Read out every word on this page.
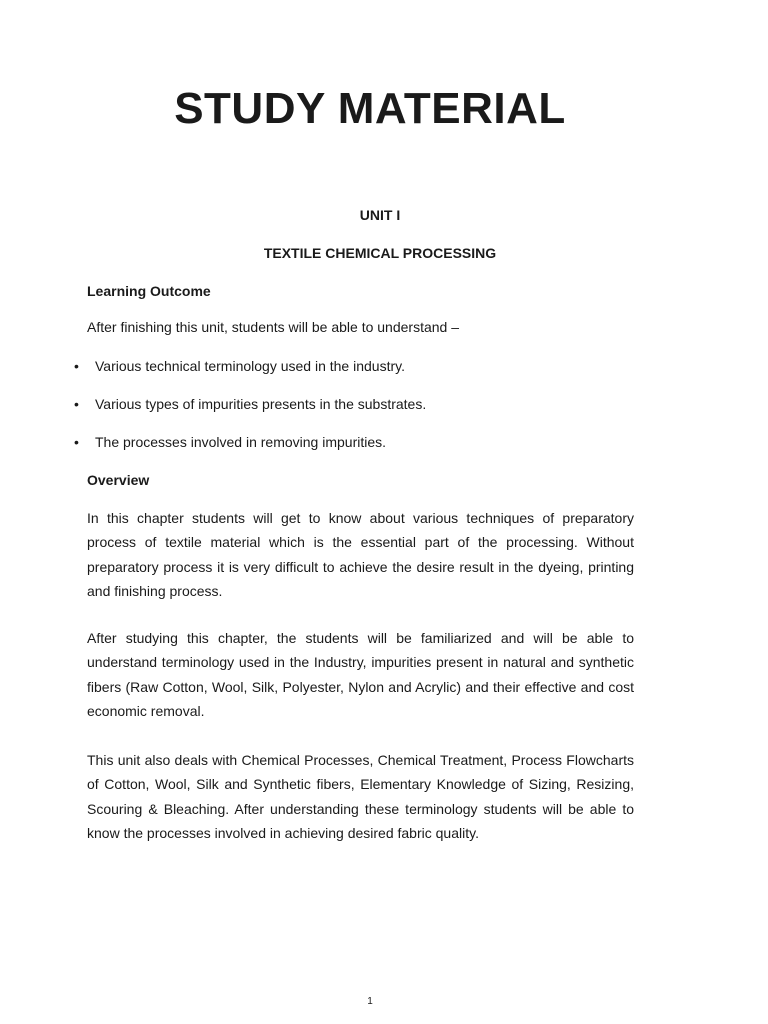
STUDY MATERIAL

UNIT I

TEXTILE CHEMICAL PROCESSING

Learning Outcome

After finishing this unit, students will be able to understand –

• Various technical terminology used in the industry.
• Various types of impurities presents in the substrates.
• The processes involved in removing impurities.

Overview

In this chapter students will get to know about various techniques of preparatory process of textile material which is the essential part of the processing. Without preparatory process it is very difficult to achieve the desire result in the dyeing, printing and finishing process.

After studying this chapter, the students will be familiarized and will be able to understand terminology used in the Industry, impurities present in natural and synthetic fibers (Raw Cotton, Wool, Silk, Polyester, Nylon and Acrylic) and their effective and cost economic removal.

This unit also deals with Chemical Processes, Chemical Treatment, Process Flowcharts of Cotton, Wool, Silk and Synthetic fibers, Elementary Knowledge of Sizing, Resizing, Scouring & Bleaching. After understanding these terminology students will be able to know the processes involved in achieving desired fabric quality.

1
